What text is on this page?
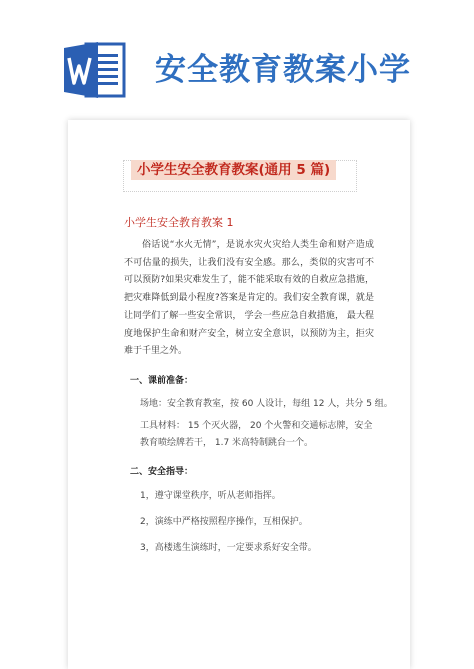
安全教育教案小学
小学生安全教育教案(通用 5 篇)
小学生安全教育教案 1
俗话说“水火无情”，是说水灾火灾给人类生命和财产造成不可估量的损失，让我们没有安全感。那么，类似的灾害可不可以预防?如果灾难发生了，能不能采取有效的自救应急措施，把灾难降低到最小程度?答案是肯定的。我们安全教育课，就是让同学们了解一些安全常识， 学会一些应急自救措施， 最大程度地保护生命和财产安全，树立安全意识，以预防为主，拒灾难于千里之外。
一、课前准备：
场地：安全教育教室，按 60 人设计，每组 12 人，共分 5 组。
工具材料： 15 个灭火器， 20 个火警和交通标志牌，安全教育喷绘牌若干， 1.7 米高特制跳台一个。
二、安全指导：
1，遵守课堂秩序，听从老师指挥。
2，演练中严格按照程序操作，互相保护。
3，高楼逃生演练时，一定要求系好安全带。
